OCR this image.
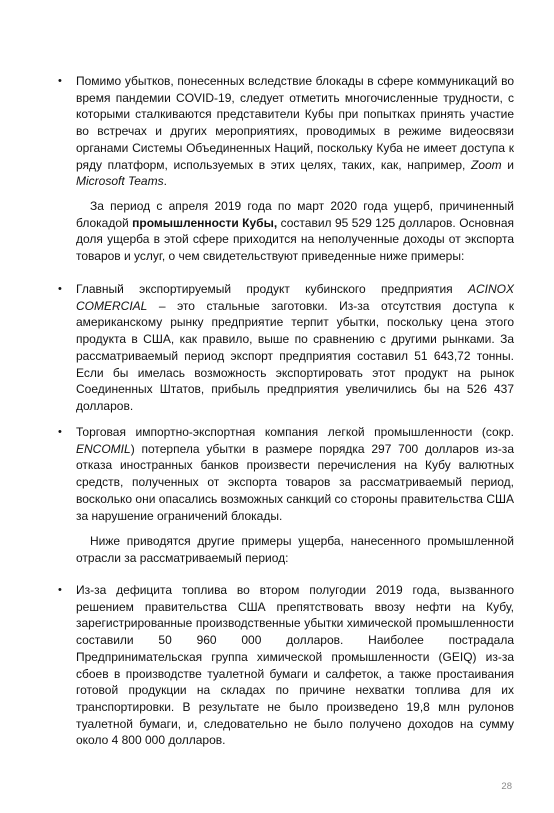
•	Помимо убытков, понесенных вследствие блокады в сфере коммуникаций во время пандемии COVID-19, следует отметить многочисленные трудности, с которыми сталкиваются представители Кубы при попытках принять участие во встречах и других мероприятиях, проводимых в режиме видеосвязи органами Системы Объединенных Наций, поскольку Куба не имеет доступа к ряду платформ, используемых в этих целях, таких, как, например, Zoom и Microsoft Teams.
За период с апреля 2019 года по март 2020 года ущерб, причиненный блокадой промышленности Кубы, составил 95 529 125 долларов. Основная доля ущерба в этой сфере приходится на неполученные доходы от экспорта товаров и услуг, о чем свидетельствуют приведенные ниже примеры:
•	Главный экспортируемый продукт кубинского предприятия ACINOX COMERCIAL – это стальные заготовки. Из-за отсутствия доступа к американскому рынку предприятие терпит убытки, поскольку цена этого продукта в США, как правило, выше по сравнению с другими рынками. За рассматриваемый период экспорт предприятия составил 51 643,72 тонны. Если бы имелась возможность экспортировать этот продукт на рынок Соединенных Штатов, прибыль предприятия увеличились бы на 526 437 долларов.
•	Торговая импортно-экспортная компания легкой промышленности (сокр. ENCOMIL) потерпела убытки в размере порядка 297 700 долларов из-за отказа иностранных банков произвести перечисления на Кубу валютных средств, полученных от экспорта товаров за рассматриваемый период, восколько они опасались возможных санкций со стороны правительства США за нарушение ограничений блокады.
Ниже приводятся другие примеры ущерба, нанесенного промышленной отрасли за рассматриваемый период:
•	Из-за дефицита топлива во втором полугодии 2019 года, вызванного решением правительства США препятствовать ввозу нефти на Кубу, зарегистрированные производственные убытки химической промышленности составили 50 960 000 долларов. Наиболее пострадала Предпринимательская группа химической промышленности (GEIQ) из-за сбоев в производстве туалетной бумаги и салфеток, а также простаивания готовой продукции на складах по причине нехватки топлива для их транспортировки. В результате не было произведено 19,8 млн рулонов туалетной бумаги, и, следовательно не было получено доходов на сумму около 4 800 000 долларов.
28
